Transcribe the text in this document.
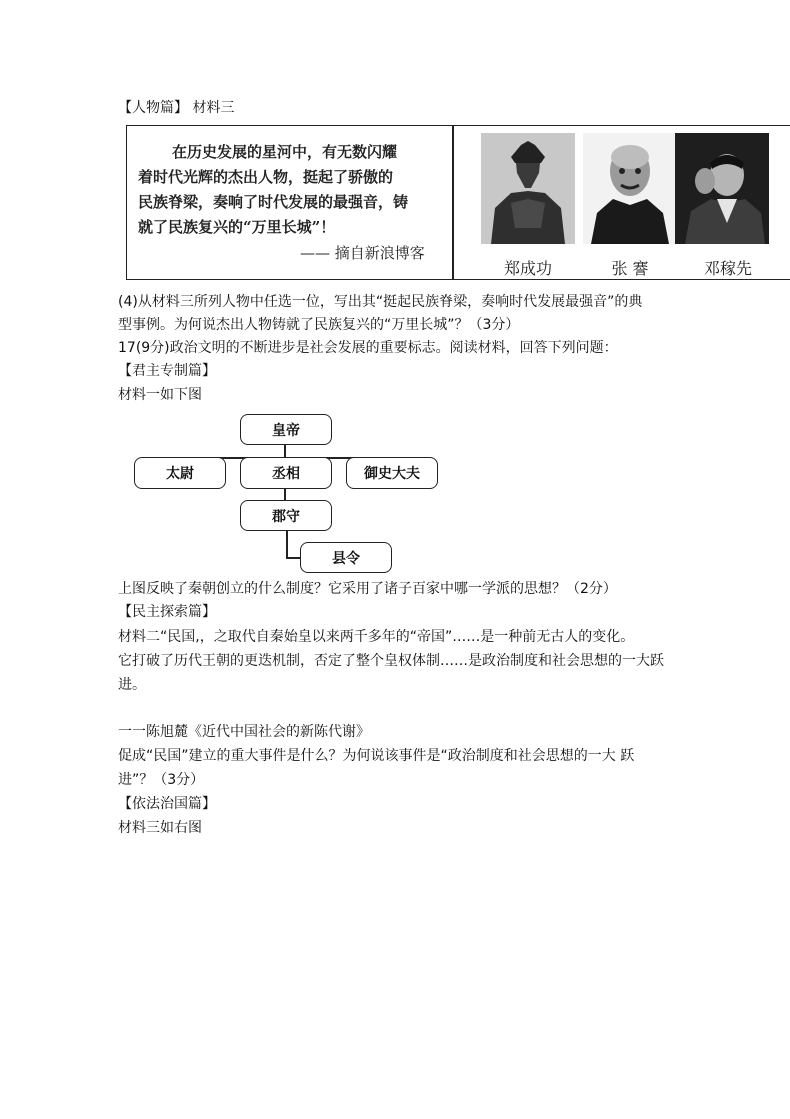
【人物篇】 材料三
在历史发展的星河中，有无数闪耀
着时代光辉的杰出人物，挺起了骄傲的
民族脊梁，奏响了时代发展的最强音，铸
就了民族复兴的“万里长城”！
—— 摘自新浪博客
郑成功	张 謇	邓稼先
(4)从材料三所列人物中任选一位，写出其“挺起民族脊梁，奏响时代发展最强音”的典
型事例。为何说杰出人物铸就了民族复兴的“万里长城”？（3分）
17(9分)政治文明的不断进步是社会发展的重要标志。阅读材料，回答下列问题：
【君主专制篇】
材料一如下图
皇帝
太尉	丞相	御史大夫
郡守
县令
上图反映了秦朝创立的什么制度？它采用了诸子百家中哪一学派的思想？（2分）
【民主探索篇】
材料二“民国,，之取代自秦始皇以来两千多年的“帝国”……是一种前无古人的变化。
它打破了历代王朝的更迭机制，否定了整个皇权体制……是政治制度和社会思想的一大跃
进。
一一陈旭麓《近代中国社会的新陈代谢》
促成“民国”建立的重大事件是什么？为何说该事件是“政治制度和社会思想的一大 跃
进”？（3分）
【依法治国篇】
材料三如右图
